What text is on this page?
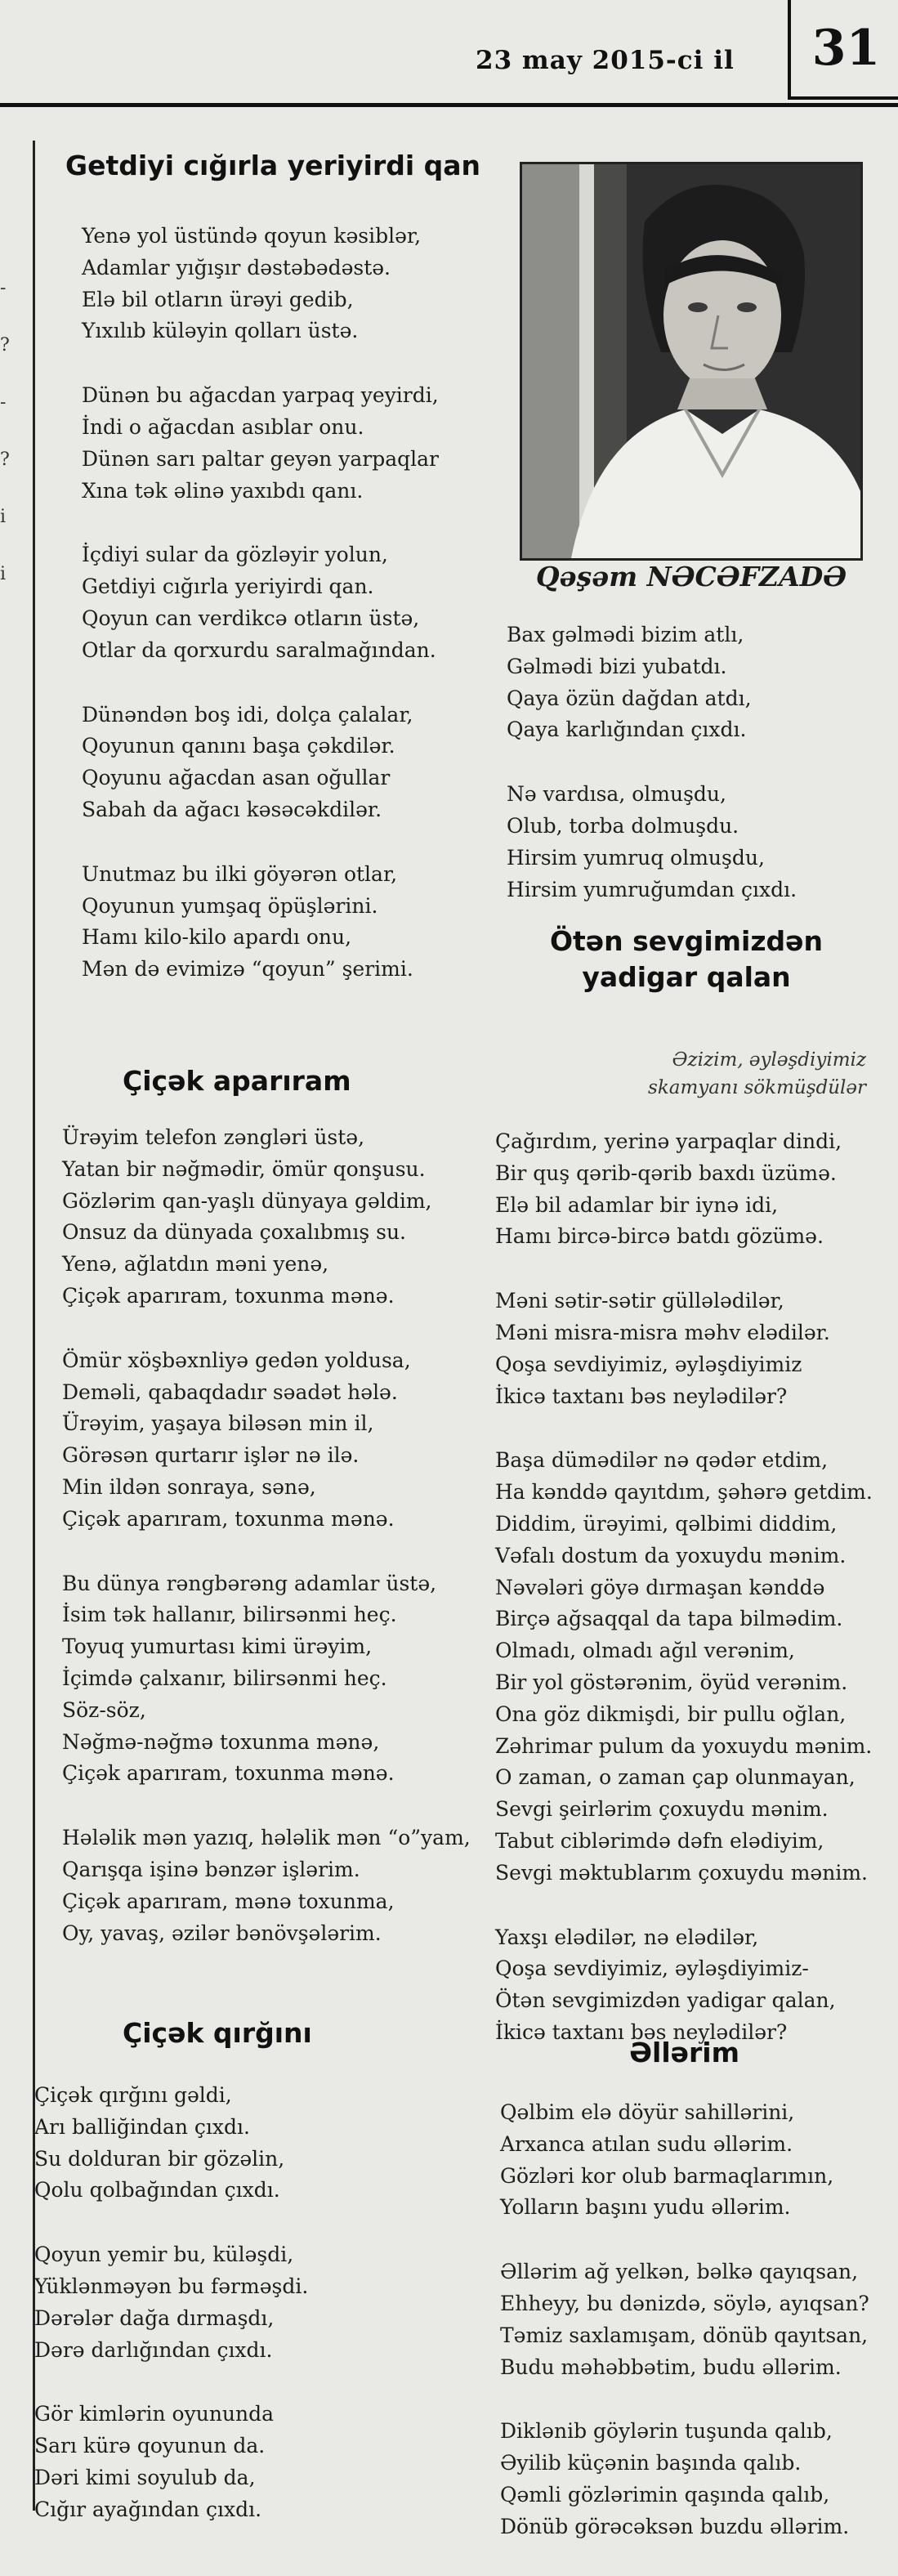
23 may 2015-ci il	31
-
?
-
?
i
i
Getdiyi cığırla yeriyirdi qan
Yenə yol üstündə qoyun kəsiblər,
Adamlar yığışır dəstəbədəstə.
Elə bil otların ürəyi gedib,
Yıxılıb küləyin qolları üstə.
Dünən bu ağacdan yarpaq yeyirdi,
İndi o ağacdan asıblar onu.
Dünən sarı paltar geyən yarpaqlar
Xına tək əlinə yaxıbdı qanı.
İçdiyi sular da gözləyir yolun,
Getdiyi cığırla yeriyirdi qan.
Qoyun can verdikcə otların üstə,
Otlar da qorxurdu saralmağından.
Dünəndən boş idi, dolça çalalar,
Qoyunun qanını başa çəkdilər.
Qoyunu ağacdan asan oğullar
Sabah da ağacı kəsəcəkdilər.
Unutmaz bu ilki göyərən otlar,
Qoyunun yumşaq öpüşlərini.
Hamı kilo-kilo apardı onu,
Mən də evimizə “qoyun” şerimi.
Çiçək aparıram
Ürəyim telefon zəngləri üstə,
Yatan bir nəğmədir, ömür qonşusu.
Gözlərim qan-yaşlı dünyaya gəldim,
Onsuz da dünyada çoxalıbmış su.
Yenə, ağlatdın məni yenə,
Çiçək aparıram, toxunma mənə.
Ömür xöşbəxnliyə gedən yoldusa,
Deməli, qabaqdadır səadət hələ.
Ürəyim, yaşaya biləsən min il,
Görəsən qurtarır işlər nə ilə.
Min ildən sonraya, sənə,
Çiçək aparıram, toxunma mənə.
Bu dünya rəngbərəng adamlar üstə,
İsim tək hallanır, bilirsənmi heç.
Toyuq yumurtası kimi ürəyim,
İçimdə çalxanır, bilirsənmi heç.
Söz-söz,
Nəğmə-nəğmə toxunma mənə,
Çiçək aparıram, toxunma mənə.
Hələlik mən yazıq, hələlik mən “o”yam,
Qarışqa işinə bənzər işlərim.
Çiçək aparıram, mənə toxunma,
Oy, yavaş, əzilər bənövşələrim.
Çiçək qırğını
Çiçək qırğını gəldi,
Arı balliğindan çıxdı.
Su dolduran bir gözəlin,
Qolu qolbağından çıxdı.
Qoyun yemir bu, küləşdi,
Yüklənməyən bu fərməşdi.
Dərələr dağa dırmaşdı,
Dərə darlığından çıxdı.
Gör kimlərin oyununda
Sarı kürə qoyunun da.
Dəri kimi soyulub da,
Cığır ayağından çıxdı.

Qəşəm NƏCƏFZADƏ

Bax gəlmədi bizim atlı,
Gəlmədi bizi yubatdı.
Qaya özün dağdan atdı,
Qaya karlığından çıxdı.
Nə vardısa, olmuşdu,
Olub, torba dolmuşdu.
Hirsim yumruq olmuşdu,
Hirsim yumruğumdan çıxdı.
Ötən sevgimizdən
yadigar qalan

Əzizim, əyləşdiyimiz
skamyanı sökmüşdülər

Çağırdım, yerinə yarpaqlar dindi,
Bir quş qərib-qərib baxdı üzümə.
Elə bil adamlar bir iynə idi,
Hamı bircə-bircə batdı gözümə.
Məni sətir-sətir güllələdilər,
Məni misra-misra məhv elədilər.
Qoşa sevdiyimiz, əyləşdiyimiz
İkicə taxtanı bəs neylədilər?
Başa dümədilər nə qədər etdim,
Ha kənddə qayıtdım, şəhərə getdim.
Diddim, ürəyimi, qəlbimi diddim,
Vəfalı dostum da yoxuydu mənim.
Nəvələri göyə dırmaşan kənddə
Birçə ağsaqqal da tapa bilmədim.
Olmadı, olmadı ağıl verənim,
Bir yol göstərənim, öyüd verənim.
Ona göz dikmişdi, bir pullu oğlan,
Zəhrimar pulum da yoxuydu mənim.
O zaman, o zaman çap olunmayan,
Sevgi şeirlərim çoxuydu mənim.
Tabut ciblərimdə dəfn elədiyim,
Sevgi məktublarım çoxuydu mənim.
Yaxşı elədilər, nə elədilər,
Qoşa sevdiyimiz, əyləşdiyimiz-
Ötən sevgimizdən yadigar qalan,
İkicə taxtanı bəs neylədilər?
Əllərim
Qəlbim elə döyür sahillərini,
Arxanca atılan sudu əllərim.
Gözləri kor olub barmaqlarımın,
Yolların başını yudu əllərim.
Əllərim ağ yelkən, bəlkə qayıqsan,
Ehheyy, bu dənizdə, söylə, ayıqsan?
Təmiz saxlamışam, dönüb qayıtsan,
Budu məhəbbətim, budu əllərim.
Diklənib göylərin tuşunda qalıb,
Əyilib küçənin başında qalıb.
Qəmli gözlərimin qaşında qalıb,
Dönüb görəcəksən buzdu əllərim.
